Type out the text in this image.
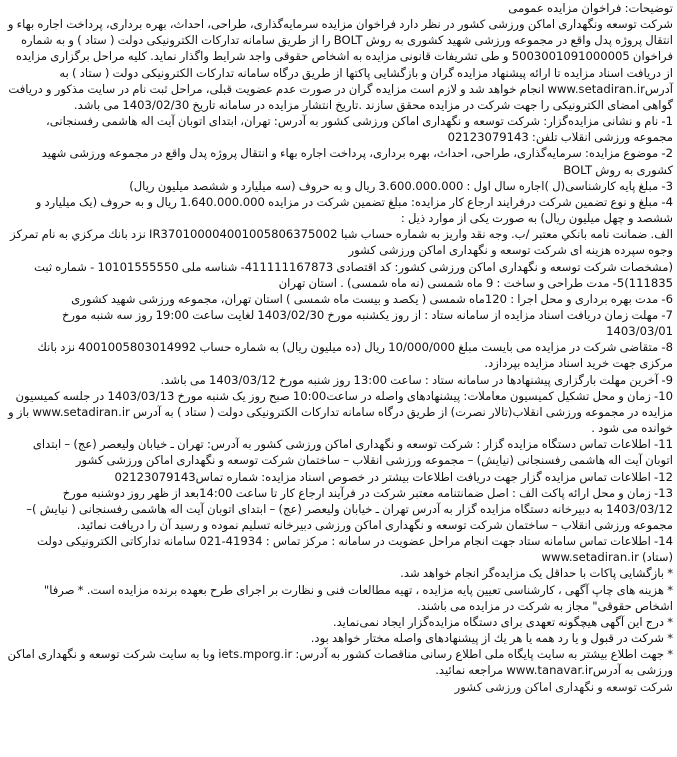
توضیحات: فراخوان مزایده عمومی

شرکت توسعه ونگهداری اماکن ورزشی کشور در نظر دارد فراخوان مزایده سرمایه‌گذاری، طراحی، احداث، بهره برداری، پرداخت اجاره بهاء و انتقال پروژه پدل واقع در مجموعه ورزشی شهید کشوری به روش BOLT را از طریق سامانه تدارکات الکترونیکی دولت ( ستاد ) و به شماره فراخوان 5003001091000005 و طی تشریفات قانونی مزایده به اشخاص حقوقی واجد شرایط واگذار نماید. کلیه مراحل برگزاری مزایده از دریافت اسناد مزایده تا ارائه پیشنهاد مزایده گران و بازگشایی پاکتها از طریق درگاه سامانه تدارکات الکترونیکی دولت ( ستاد ) به آدرسwww.setadiran.ir انجام خواهد شد و لازم است مزایده گران در صورت عدم عضویت قبلی، مراحل ثبت نام در سایت مذکور و دریافت گواهی امضای الکترونیکی را جهت شرکت در مزایده محقق سازند .تاریخ انتشار مزایده در سامانه تاریخ 1403/02/30 می باشد.

1- نام و نشانی مزایده‌گزار: شرکت توسعه و نگهداری اماکن ورزشی کشور به آدرس: تهران، ابتدای اتوبان آیت اله هاشمی رفسنجانی، مجموعه ورزشی انقلاب تلفن: 02123079143

2- موضوع مزایده: سرمایه‌گذاری، طراحی، احداث، بهره برداری، پرداخت اجاره بهاء و انتقال پروژه پدل واقع در مجموعه ورزشی شهید کشوری به روش BOLT

3- مبلغ پایه کارشناسی(ل )اجاره سال اول : 3.600.000.000 ریال و به حروف (سه میلیارد و ششصد میلیون ریال)

4- مبلغ و نوع تضمین شرکت درفرایند ارجاع کار مزایده: مبلغ تضمین شرکت در مزایده 1.640.000.000 ریال و به حروف (یک میلیارد و ششصد و چهل میلیون ریال) به صورت یکی از موارد ذیل :

الف. ضمانت نامه بانكي معتبر /ب. وجه نقد واریز به شماره حساب شبا IR370100004001005806375002 نزد بانك مركزي به نام تمرکز وجوه سپرده هزینه ای شرکت توسعه و نگهداری اماکن ورزشی کشور

(مشخصات شرکت توسعه و نگهداری اماکن ورزشی کشور: کد اقتصادی 411111167873- شناسه ملی 10101555550 - شماره ثبت 111835)5- مدت طراحی و ساخت : 9 ماه شمسی (نه ماه شمسی) . استان تهران

6- مدت بهره برداری و محل اجرا : 120ماه شمسی ( یکصد و بیست ماه شمسی ) استان تهران، مجموعه ورزشی شهید کشوری

7- مهلت زمان دریافت اسناد مزایده از سامانه ستاد : از روز یکشنبه مورخ 1403/02/30 لغایت ساعت 19:00 روز سه شنبه مورخ 1403/03/01

8- متقاضی شرکت در مزایده می بایست مبلغ 10/000/000 ریال (ده میلیون ریال) به شماره حساب 4001005803014992 نزد بانك مرکزی جهت خرید اسناد مزایده بپردازد.

9- آخرین مهلت بارگزاری پیشنهادها در سامانه ستاد : ساعت 13:00 روز شنبه مورخ 1403/03/12 می باشد.

10- زمان و محل تشکیل کمیسیون معاملات: پیشنهادهای واصله در ساعت10:00 صبح روز یک شنبه مورخ 1403/03/13 در جلسه کمیسیون مزایده در مجموعه ورزشی انقلاب(تالار نصرت) از طریق درگاه سامانه تدارکات الکترونیکی دولت ( ستاد ) به آدرس www.setadiran.ir باز و خوانده می شود .

11- اطلاعات تماس دستگاه مزایده گزار : شرکت توسعه و نگهداری اماکن ورزشی کشور به آدرس: تهران ـ خیابان ولیعصر (عج) – ابتدای اتوبان آیت اله هاشمی رفسنجانی (نیایش) – مجموعه ورزشی انقلاب – ساختمان شرکت توسعه و نگهداری اماکن ورزشی کشور

12- اطلاعات تماس مزایده گزار جهت دریافت اطلاعات بیشتر در خصوص اسناد مزایده: شماره تماس02123079143

13- زمان و محل ارائه پاکت الف : اصل ضمانتنامه معتبر شرکت در فرآیند ارجاع کار تا ساعت 14:00بعد از ظهر روز دوشنبه مورخ 1403/03/12 به دبیرخانه دستگاه مزایده گزار به آدرس تهران ـ خیابان ولیعصر (عج) – ابتدای اتوبان آیت اله هاشمی رفسنجانی ( نیایش )– مجموعه ورزشی انقلاب – ساختمان شرکت توسعه و نگهداری اماکن ورزشی دبیرخانه تسلیم نموده و رسید آن را دریافت نمائید.

14- اطلاعات تماس سامانه ستاد جهت انجام مراحل عضویت در سامانه : مرکز تماس : 41934-021 سامانه تدارکاتی الکترونیکی دولت (ستاد) www.setadiran.ir

* بازگشایی پاکات با حداقل یک مزایده‌گر انجام خواهد شد.

* هزینه های چاپ آگهی ، کارشناسی تعیین پایه مزایده ، تهیه مطالعات فنی و نظارت بر اجرای طرح بعهده برنده مزایده است. * صرفا" اشخاص حقوقی" مجاز به شرکت در مزایده می باشند.

* درج این آگهی هیچگونه تعهدی برای دستگاه مزایده‌گزار ایجاد نمی‌نماید.

* شرکت در قبول و یا رد همه یا هر یك از پیشنهادهای واصله مختار خواهد بود.

* جهت اطلاع بیشتر به سایت پایگاه ملی اطلاع رسانی مناقصات کشور به آدرس: iets.mporg.ir وبا به سایت شرکت توسعه و نگهداری اماکن ورزشی به آدرسwww.tanavar.ir مراجعه نمائید.

شرکت توسعه و نگهداری اماکن ورزشی کشور
